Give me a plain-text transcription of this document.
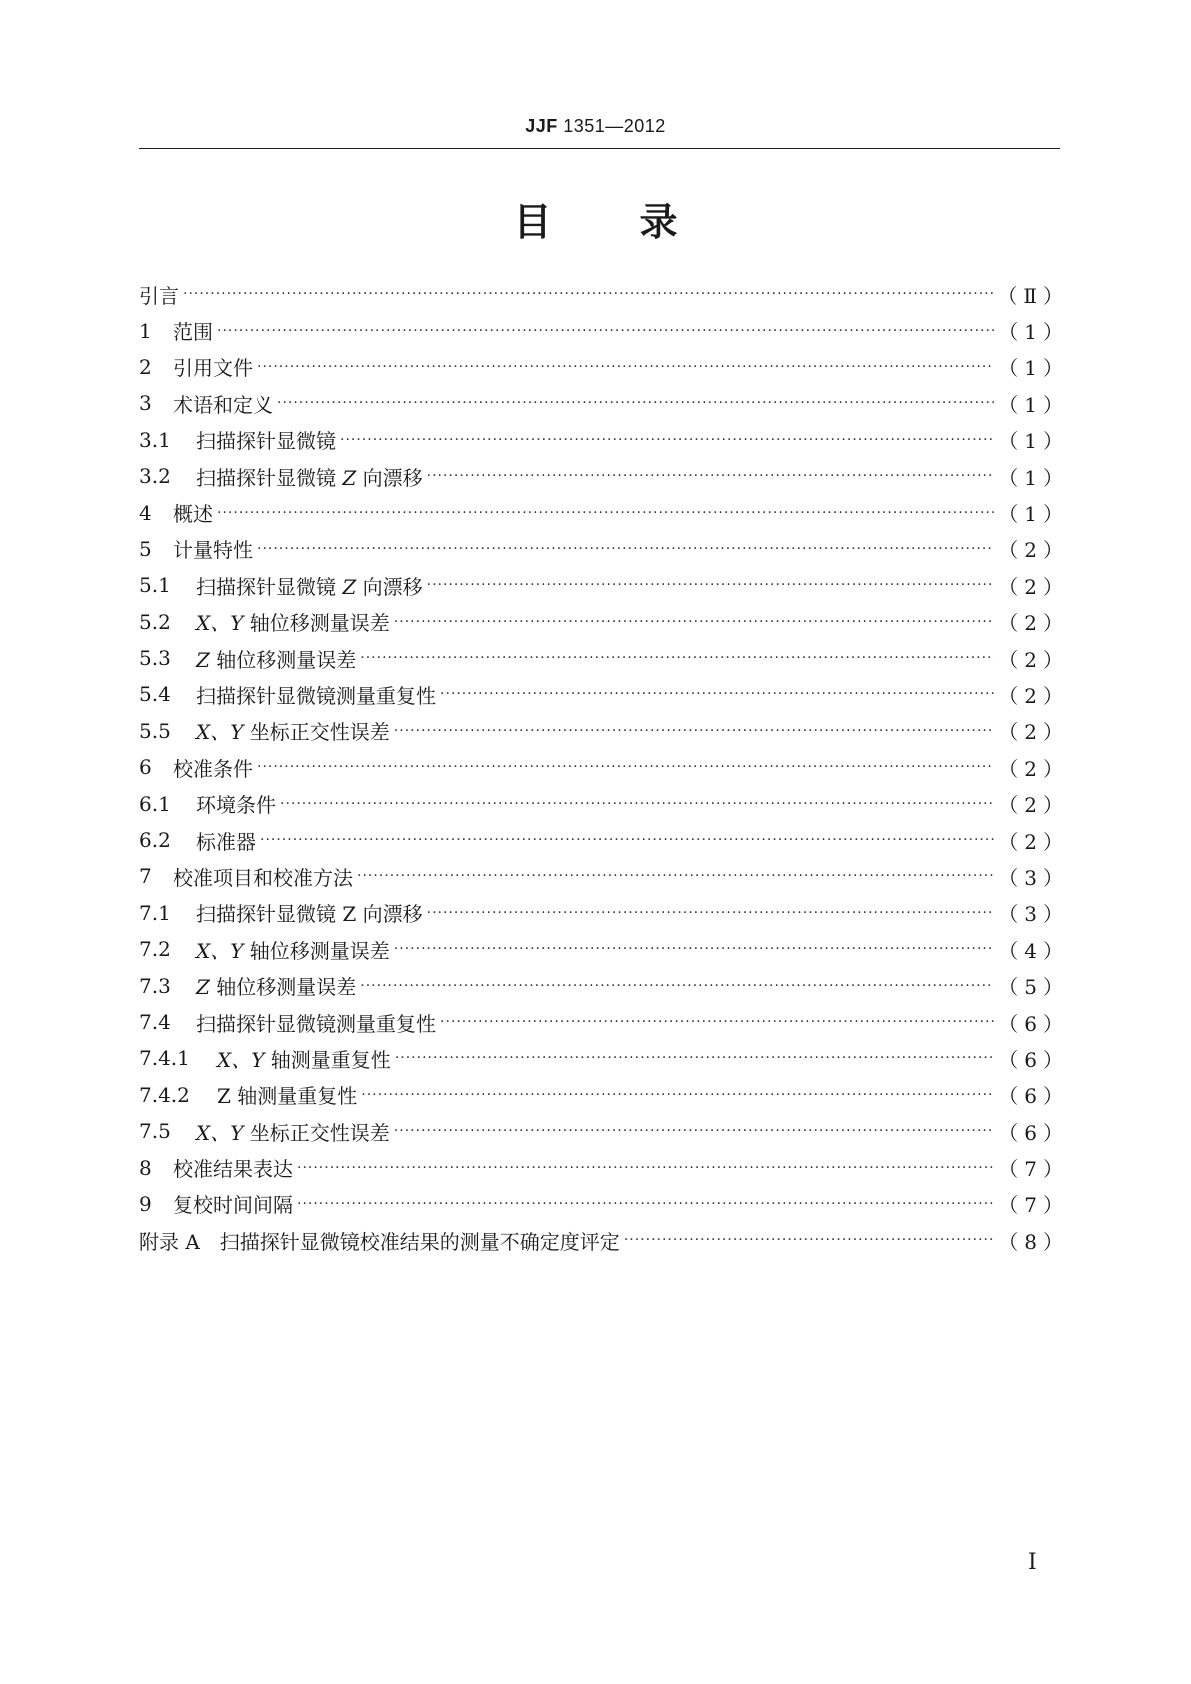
JJF 1351—2012
目 录
引言 ·····	（Ⅱ）
1	范围 ·····	（1）
2	引用文件 ·····	（1）
3	术语和定义 ·····	（1）
3.1	扫描探针显微镜 ·····	（1）
3.2	扫描探针显微镜 Z 向漂移 ·····	（1）
4	概述 ·····	（1）
5	计量特性 ·····	（2）
5.1	扫描探针显微镜 Z 向漂移 ·····	（2）
5.2	X、Y 轴位移测量误差 ·····	（2）
5.3	Z 轴位移测量误差 ·····	（2）
5.4	扫描探针显微镜测量重复性 ·····	（2）
5.5	X、Y 坐标正交性误差 ·····	（2）
6	校准条件 ·····	（2）
6.1	环境条件 ·····	（2）
6.2	标准器 ·····	（2）
7	校准项目和校准方法 ·····	（3）
7.1	扫描探针显微镜 Z 向漂移 ·····	（3）
7.2	X、Y 轴位移测量误差 ·····	（4）
7.3	Z 轴位移测量误差 ·····	（5）
7.4	扫描探针显微镜测量重复性 ·····	（6）
7.4.1	X、Y 轴测量重复性 ·····	（6）
7.4.2	Z 轴测量重复性 ·····	（6）
7.5	X、Y 坐标正交性误差 ·····	（6）
8	校准结果表达 ·····	（7）
9	复校时间间隔 ·····	（7）
附录 A　扫描探针显微镜校准结果的测量不确定度评定 ·····	（8）
Ⅰ
